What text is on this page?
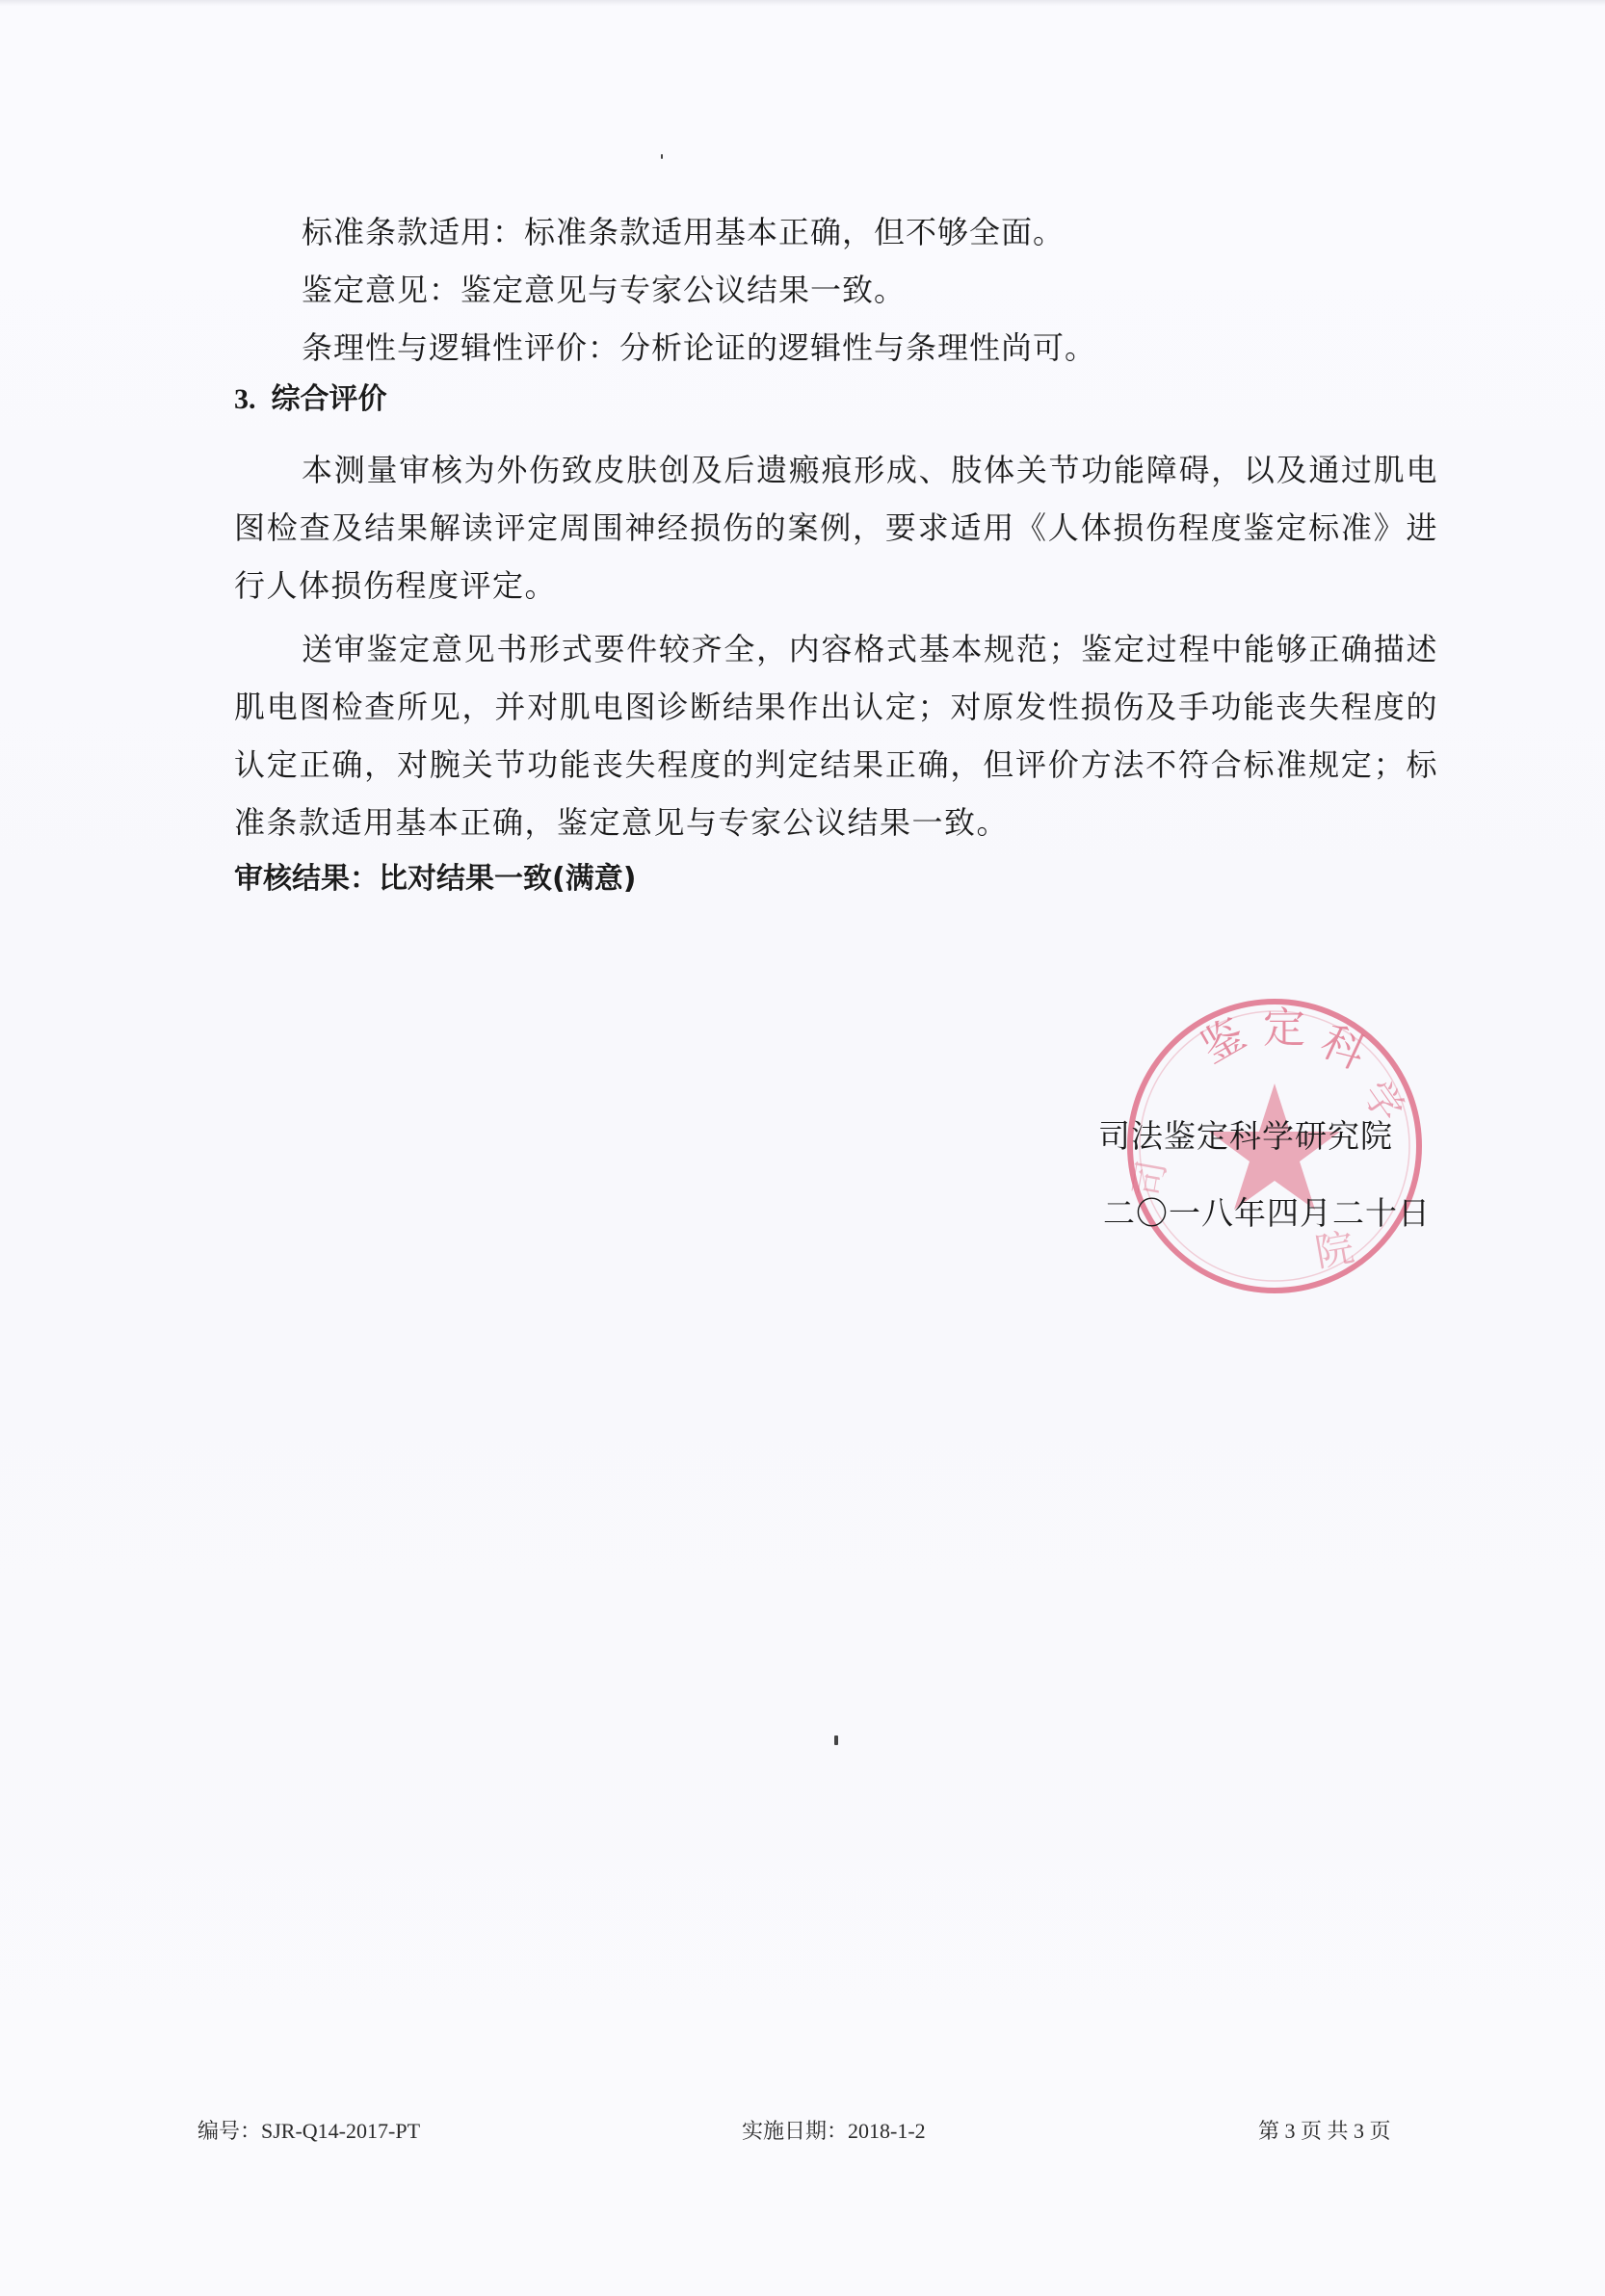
标准条款适用：标准条款适用基本正确，但不够全面。
鉴定意见：鉴定意见与专家公议结果一致。
条理性与逻辑性评价：分析论证的逻辑性与条理性尚可。
3. 综合评价

本测量审核为外伤致皮肤创及后遗瘢痕形成、肢体关节功能障碍，以及通过肌电图检查及结果解读评定周围神经损伤的案例，要求适用《人体损伤程度鉴定标准》进行人体损伤程度评定。

送审鉴定意见书形式要件较齐全，内容格式基本规范；鉴定过程中能够正确描述肌电图检查所见，并对肌电图诊断结果作出认定；对原发性损伤及手功能丧失程度的认定正确，对腕关节功能丧失程度的判定结果正确，但评价方法不符合标准规定；标准条款适用基本正确，鉴定意见与专家公议结果一致。

审核结果：比对结果一致(满意)
鉴 定 科
学
司
院
司法鉴定科学研究院
二〇一八年四月二十日
编号：SJR-Q14-2017-PT	实施日期：2018-1-2	第 3 页 共 3 页
